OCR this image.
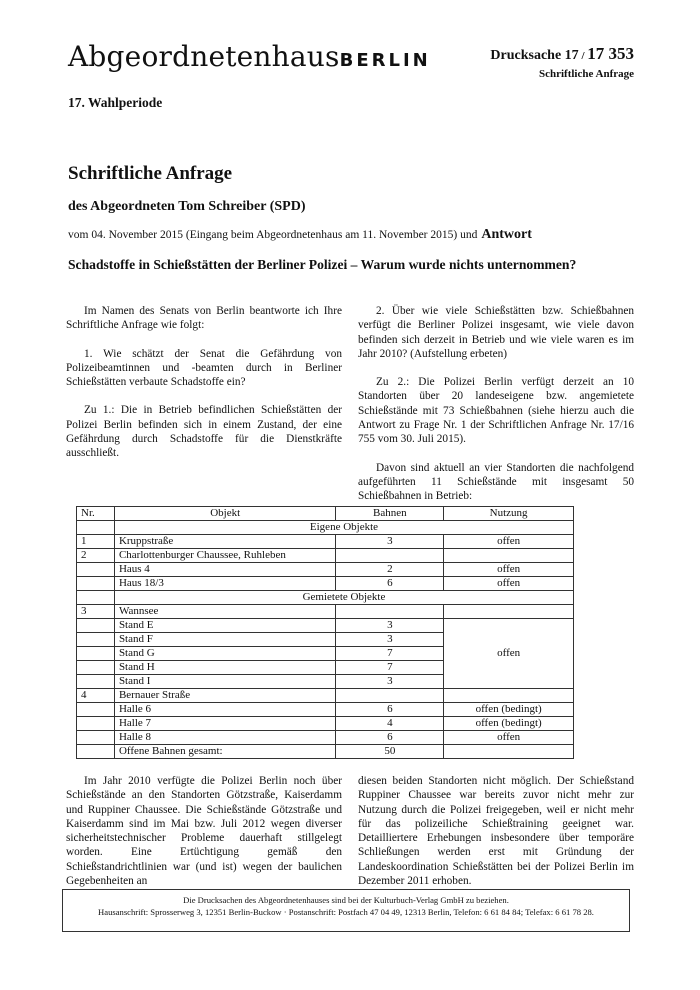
AbgeordnetenhausBERLIN	Drucksache 17 / 17 353
Schriftliche Anfrage
17. Wahlperiode
Schriftliche Anfrage
des Abgeordneten Tom Schreiber (SPD)
vom 04. November 2015 (Eingang beim Abgeordnetenhaus am 11. November 2015) und Antwort
Schadstoffe in Schießstätten der Berliner Polizei – Warum wurde nichts unternommen?

Im Namen des Senats von Berlin beantworte ich Ihre Schriftliche Anfrage wie folgt:

1. Wie schätzt der Senat die Gefährdung von Polizeibeamtinnen und -beamten durch in Berliner Schießstätten verbaute Schadstoffe ein?

Zu 1.: Die in Betrieb befindlichen Schießstätten der Polizei Berlin befinden sich in einem Zustand, der eine Gefährdung durch Schadstoffe für die Dienstkräfte ausschließt.

2. Über wie viele Schießstätten bzw. Schießbahnen verfügt die Berliner Polizei insgesamt, wie viele davon befinden sich derzeit in Betrieb und wie viele waren es im Jahr 2010? (Aufstellung erbeten)

Zu 2.: Die Polizei Berlin verfügt derzeit an 10 Standorten über 20 landeseigene bzw. angemietete Schießstände mit 73 Schießbahnen (siehe hierzu auch die Antwort zu Frage Nr. 1 der Schriftlichen Anfrage Nr. 17/16 755 vom 30. Juli 2015).

Davon sind aktuell an vier Standorten die nachfolgend aufgeführten 11 Schießstände mit insgesamt 50 Schießbahnen in Betrieb:

Nr.	Objekt	Bahnen	Nutzung
	Eigene Objekte		
1	Kruppstraße	3	offen
2	Charlottenburger Chaussee, Ruhleben		
	Haus 4	2	offen
	Haus 18/3	6	offen
	Gemietete Objekte		
3	Wannsee		
	Stand E	3	offen
	Stand F	3	
	Stand G	7	
	Stand H	7	
	Stand I	3	
4	Bernauer Straße		
	Halle 6	6	offen (bedingt)
	Halle 7	4	offen (bedingt)
	Halle 8	6	offen
	Offene Bahnen gesamt:	50	

Im Jahr 2010 verfügte die Polizei Berlin noch über Schießstände an den Standorten Götzstraße, Kaiserdamm und Ruppiner Chaussee. Die Schießstände Götzstraße und Kaiserdamm sind im Mai bzw. Juli 2012 wegen diverser sicherheitstechnischer Probleme dauerhaft stillgelegt worden. Eine Ertüchtigung gemäß den Schießstandrichtlinien war (und ist) wegen der baulichen Gegebenheiten an

diesen beiden Standorten nicht möglich. Der Schießstand Ruppiner Chaussee war bereits zuvor nicht mehr zur Nutzung durch die Polizei freigegeben, weil er nicht mehr für das polizeiliche Schießtraining geeignet war. Detailliertere Erhebungen insbesondere über temporäre Schließungen werden erst mit Gründung der Landeskoordination Schießstätten bei der Polizei Berlin im Dezember 2011 erhoben.

Die Drucksachen des Abgeordnetenhauses sind bei der Kulturbuch-Verlag GmbH zu beziehen.
Hausanschrift: Sprosserweg 3, 12351 Berlin-Buckow · Postanschrift: Postfach 47 04 49, 12313 Berlin, Telefon: 6 61 84 84; Telefax: 6 61 78 28.
